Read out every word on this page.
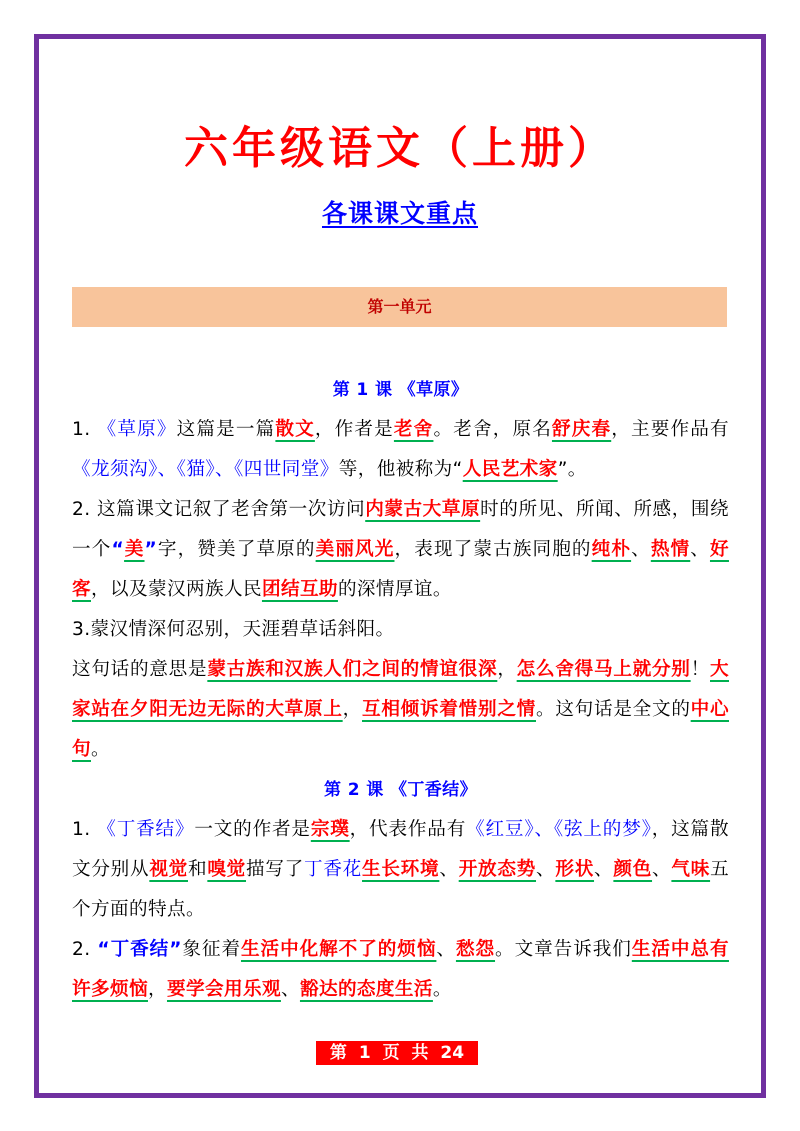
六年级语文（上册）
各课课文重点
第一单元
第 1 课 《草原》
1. 《草原》这篇是一篇散文，作者是老舍。老舍，原名舒庆春，主要作品有《龙须沟》、《猫》、《四世同堂》等，他被称为“人民艺术家”。
2. 这篇课文记叙了老舍第一次访问内蒙古大草原时的所见、所闻、所感，围绕一个“美”字，赞美了草原的美丽风光，表现了蒙古族同胞的纯朴、热情、好客，以及蒙汉两族人民团结互助的深情厚谊。
3.蒙汉情深何忍别，天涯碧草话斜阳。
这句话的意思是蒙古族和汉族人们之间的情谊很深，怎么舍得马上就分别！大家站在夕阳无边无际的大草原上，互相倾诉着惜别之情。这句话是全文的中心句。
第 2 课 《丁香结》
1. 《丁香结》一文的作者是宗璞，代表作品有《红豆》、《弦上的梦》，这篇散文分别从视觉和嗅觉描写了丁香花生长环境、开放态势、形状、颜色、气味五个方面的特点。
2. “丁香结”象征着生活中化解不了的烦恼、愁怨。文章告诉我们生活中总有许多烦恼，要学会用乐观、豁达的态度生活。
第 1 页 共 24 页
